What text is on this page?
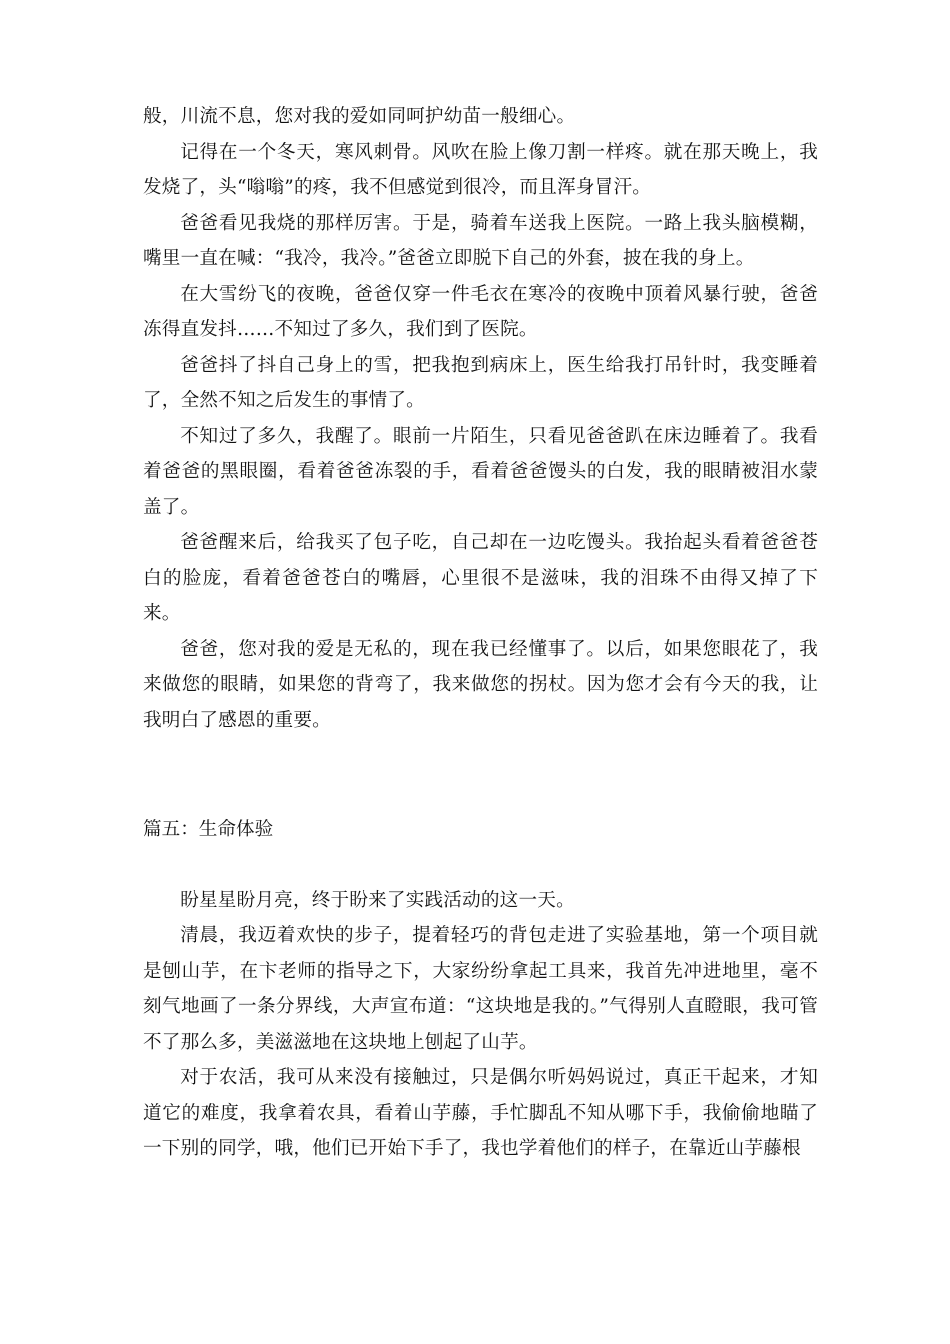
般，川流不息，您对我的爱如同呵护幼苗一般细心。

记得在一个冬天，寒风刺骨。风吹在脸上像刀割一样疼。就在那天晚上，我发烧了，头“嗡嗡”的疼，我不但感觉到很冷，而且浑身冒汗。

爸爸看见我烧的那样厉害。于是，骑着车送我上医院。一路上我头脑模糊，嘴里一直在喊：“我冷，我冷。”爸爸立即脱下自己的外套，披在我的身上。

在大雪纷飞的夜晚，爸爸仅穿一件毛衣在寒冷的夜晚中顶着风暴行驶，爸爸冻得直发抖……不知过了多久，我们到了医院。

爸爸抖了抖自己身上的雪，把我抱到病床上，医生给我打吊针时，我变睡着了，全然不知之后发生的事情了。

不知过了多久，我醒了。眼前一片陌生，只看见爸爸趴在床边睡着了。我看着爸爸的黑眼圈，看着爸爸冻裂的手，看着爸爸馒头的白发，我的眼睛被泪水蒙盖了。

爸爸醒来后，给我买了包子吃，自己却在一边吃馒头。我抬起头看着爸爸苍白的脸庞，看着爸爸苍白的嘴唇，心里很不是滋味，我的泪珠不由得又掉了下来。

爸爸，您对我的爱是无私的，现在我已经懂事了。以后，如果您眼花了，我来做您的眼睛，如果您的背弯了，我来做您的拐杖。因为您才会有今天的我，让我明白了感恩的重要。

篇五：生命体验

盼星星盼月亮，终于盼来了实践活动的这一天。

清晨，我迈着欢快的步子，提着轻巧的背包走进了实验基地，第一个项目就是刨山芋，在卞老师的指导之下，大家纷纷拿起工具来，我首先冲进地里，毫不刻气地画了一条分界线，大声宣布道：“这块地是我的。”气得别人直瞪眼，我可管不了那么多，美滋滋地在这块地上刨起了山芋。

对于农活，我可从来没有接触过，只是偶尔听妈妈说过，真正干起来，才知道它的难度，我拿着农具，看着山芋藤，手忙脚乱不知从哪下手，我偷偷地瞄了一下别的同学，哦，他们已开始下手了，我也学着他们的样子，在靠近山芋藤根
